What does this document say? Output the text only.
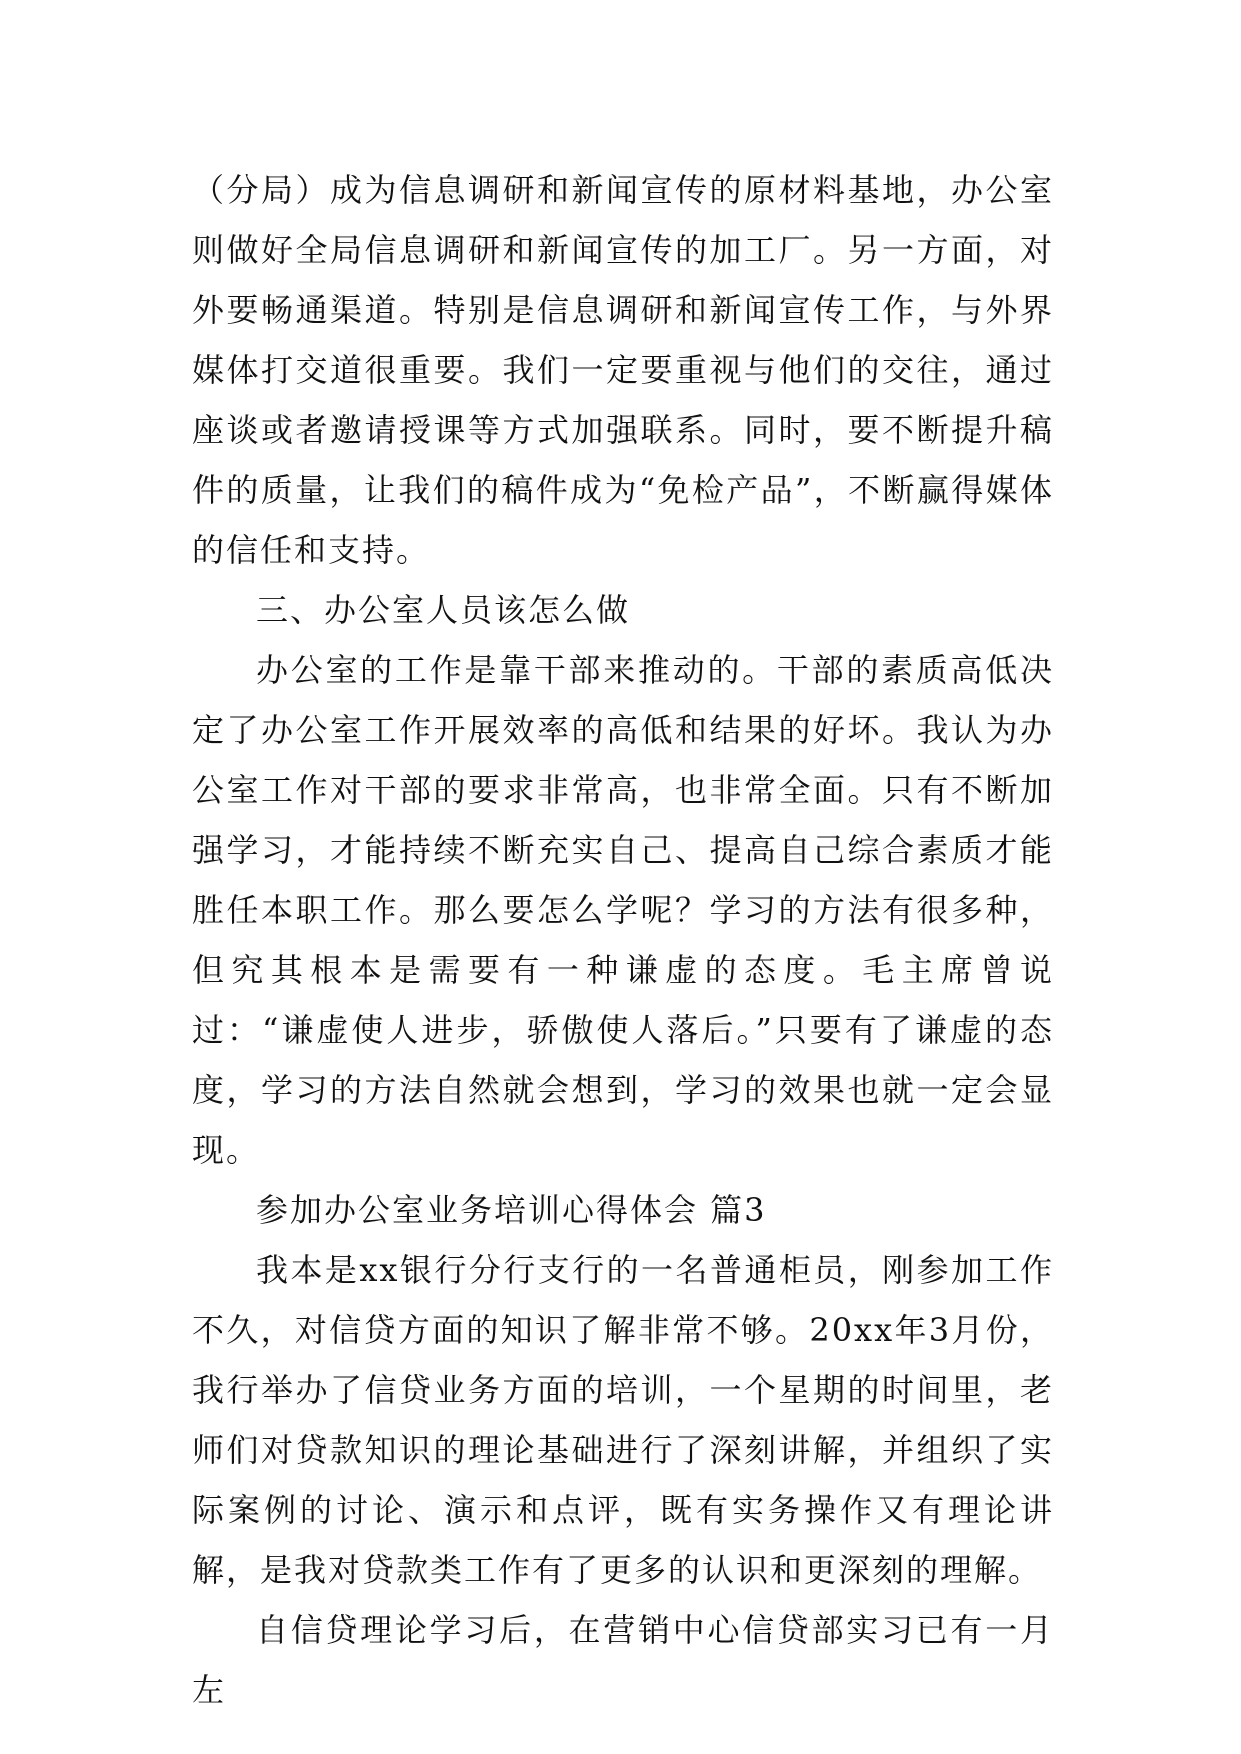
（分局）成为信息调研和新闻宣传的原材料基地，办公室则做好全局信息调研和新闻宣传的加工厂。另一方面，对外要畅通渠道。特别是信息调研和新闻宣传工作，与外界媒体打交道很重要。我们一定要重视与他们的交往，通过座谈或者邀请授课等方式加强联系。同时，要不断提升稿件的质量，让我们的稿件成为“免检产品”，不断赢得媒体的信任和支持。

三、办公室人员该怎么做

办公室的工作是靠干部来推动的。干部的素质高低决定了办公室工作开展效率的高低和结果的好坏。我认为办公室工作对干部的要求非常高，也非常全面。只有不断加强学习，才能持续不断充实自己、提高自己综合素质才能胜任本职工作。那么要怎么学呢？学习的方法有很多种，但究其根本是需要有一种谦虚的态度。毛主席曾说过：“谦虚使人进步，骄傲使人落后。”只要有了谦虚的态度，学习的方法自然就会想到，学习的效果也就一定会显现。

参加办公室业务培训心得体会 篇3

我本是xx银行分行支行的一名普通柜员，刚参加工作不久，对信贷方面的知识了解非常不够。20xx年3月份，我行举办了信贷业务方面的培训，一个星期的时间里，老师们对贷款知识的理论基础进行了深刻讲解，并组织了实际案例的讨论、演示和点评，既有实务操作又有理论讲解，是我对贷款类工作有了更多的认识和更深刻的理解。

自信贷理论学习后，在营销中心信贷部实习已有一月左
